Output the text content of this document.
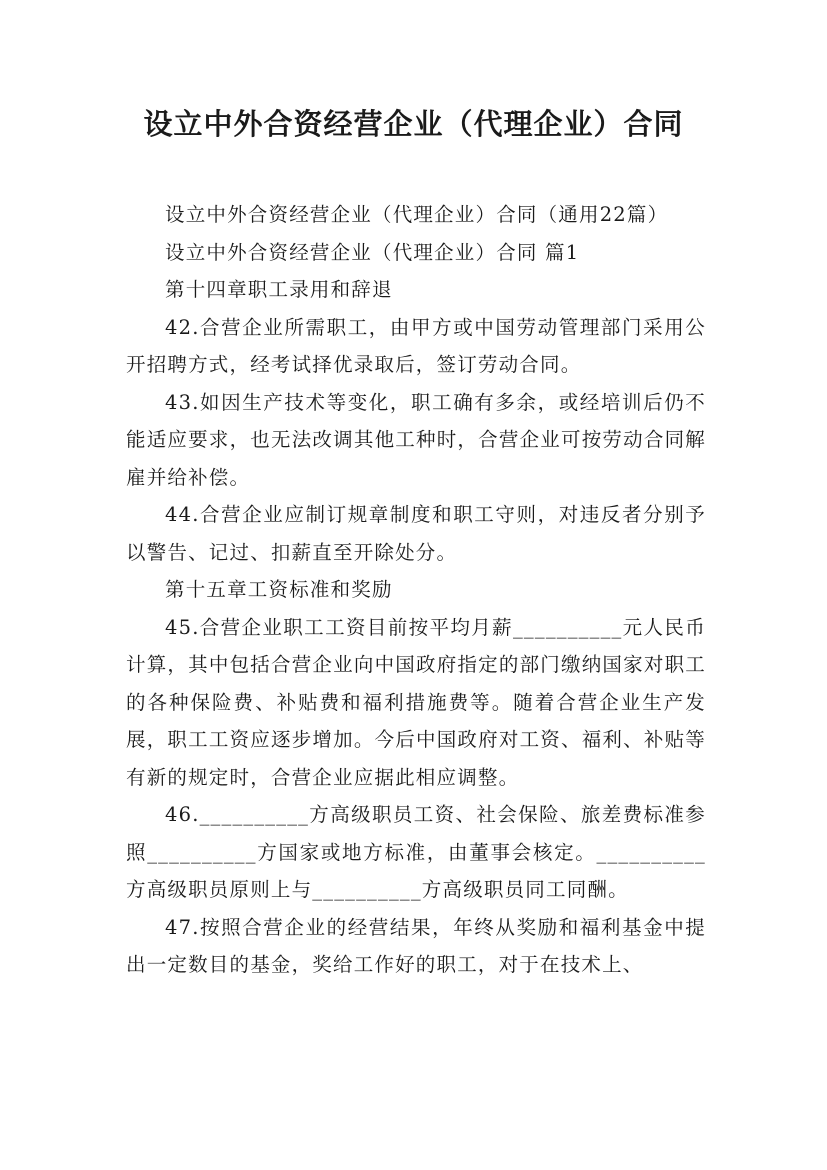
设立中外合资经营企业（代理企业）合同

设立中外合资经营企业（代理企业）合同（通用22篇）

设立中外合资经营企业（代理企业）合同 篇1

第十四章职工录用和辞退

42.合营企业所需职工，由甲方或中国劳动管理部门采用公开招聘方式，经考试择优录取后，签订劳动合同。

43.如因生产技术等变化，职工确有多余，或经培训后仍不能适应要求，也无法改调其他工种时，合营企业可按劳动合同解雇并给补偿。

44.合营企业应制订规章制度和职工守则，对违反者分别予以警告、记过、扣薪直至开除处分。

第十五章工资标准和奖励

45.合营企业职工工资目前按平均月薪__________元人民币计算，其中包括合营企业向中国政府指定的部门缴纳国家对职工的各种保险费、补贴费和福利措施费等。随着合营企业生产发展，职工工资应逐步增加。今后中国政府对工资、福利、补贴等有新的规定时，合营企业应据此相应调整。

46.__________方高级职员工资、社会保险、旅差费标准参照__________方国家或地方标准，由董事会核定。__________方高级职员原则上与__________方高级职员同工同酬。

47.按照合营企业的经营结果，年终从奖励和福利基金中提出一定数目的基金，奖给工作好的职工，对于在技术上、
